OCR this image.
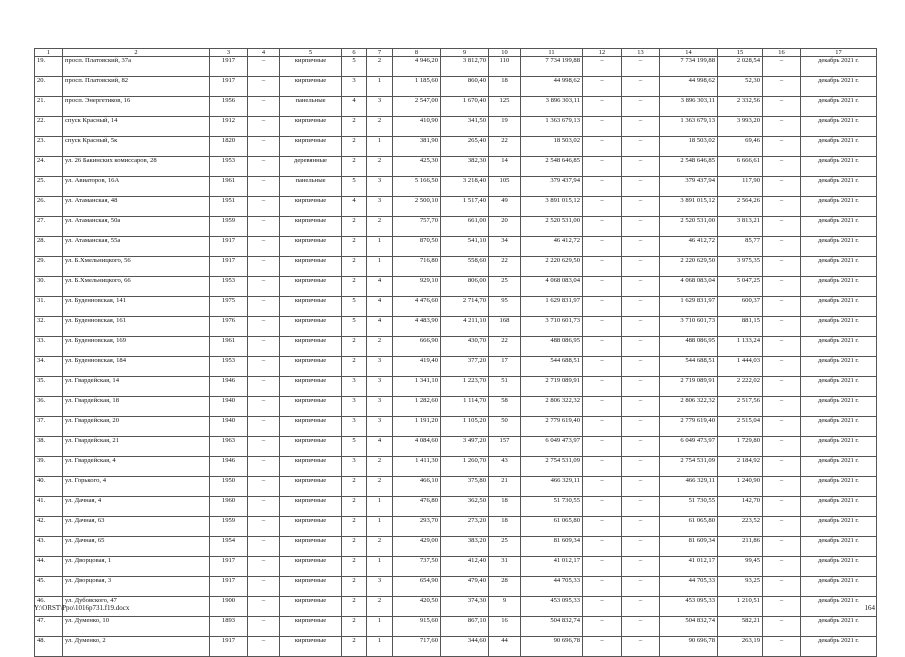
1	2	3	4	5	6	7	8	9	10	11	12	13	14	15	16	17
19.	просп. Платовский, 37а	1917	–	кирпичные	5	2	4 946,20	3 812,70	110	7 734 199,88	–	–	7 734 199,88	2 028,54	–	декабрь 2021 г.
20.	просп. Платовский, 82	1917	–	кирпичные	3	1	1 185,60	860,40	18	44 998,62	–	–	44 998,62	52,30	–	декабрь 2021 г.
21.	просп. Энергетиков, 16	1956	–	панельные	4	3	2 547,00	1 670,40	125	3 896 303,11	–	–	3 896 303,11	2 332,56	–	декабрь 2021 г.
22.	спуск Красный, 14	1912	–	кирпичные	2	2	410,90	341,50	19	1 363 679,13	–	–	1 363 679,13	3 993,20	–	декабрь 2021 г.
23.	спуск Красный, 5к	1820	–	кирпичные	2	1	381,90	265,40	22	18 503,02	–	–	18 503,02	69,46	–	декабрь 2021 г.
24.	ул. 26 Бакинских комиссаров, 28	1953	–	деревянные	2	2	425,30	382,30	14	2 548 646,85	–	–	2 548 646,85	6 666,61	–	декабрь 2021 г.
25.	ул. Авиаторов, 16А	1961	–	панельные	5	3	5 166,50	3 218,40	105	379 437,94	–	–	379 437,94	117,90	–	декабрь 2021 г.
26.	ул. Атаманская, 48	1951	–	кирпичные	4	3	2 500,10	1 517,40	49	3 891 015,12	–	–	3 891 015,12	2 564,26	–	декабрь 2021 г.
27.	ул. Атаманская, 50а	1959	–	кирпичные	2	2	757,70	661,00	20	2 520 531,00	–	–	2 520 531,00	3 813,21	–	декабрь 2021 г.
28.	ул. Атаманская, 55а	1917	–	кирпичные	2	1	870,50	541,10	34	46 412,72	–	–	46 412,72	85,77	–	декабрь 2021 г.
29.	ул. Б.Хмельницкого, 56	1917	–	кирпичные	2	1	716,80	558,60	22	2 220 629,50	–	–	2 220 629,50	3 975,35	–	декабрь 2021 г.
30.	ул. Б.Хмельницкого, 66	1953	–	кирпичные	2	4	929,10	806,00	25	4 068 083,04	–	–	4 068 083,04	5 047,25	–	декабрь 2021 г.
31.	ул. Буденновская, 141	1975	–	кирпичные	5	4	4 476,60	2 714,70	95	1 629 831,97	–	–	1 629 831,97	600,37	–	декабрь 2021 г.
32.	ул. Буденновская, 161	1976	–	кирпичные	5	4	4 483,90	4 211,10	168	3 710 601,73	–	–	3 710 601,73	881,15	–	декабрь 2021 г.
33.	ул. Буденновская, 169	1961	–	кирпичные	2	2	666,90	430,70	22	488 086,95	–	–	488 086,95	1 133,24	–	декабрь 2021 г.
34.	ул. Буденновская, 184	1953	–	кирпичные	2	3	419,40	377,20	17	544 688,51	–	–	544 688,51	1 444,03	–	декабрь 2021 г.
35.	ул. Гвардейская, 14	1946	–	кирпичные	3	3	1 341,10	1 223,70	51	2 719 089,91	–	–	2 719 089,91	2 222,02	–	декабрь 2021 г.
36.	ул. Гвардейская, 18	1940	–	кирпичные	3	3	1 282,60	1 114,70	58	2 806 322,32	–	–	2 806 322,32	2 517,56	–	декабрь 2021 г.
37.	ул. Гвардейская, 20	1940	–	кирпичные	3	3	1 191,20	1 105,20	50	2 779 619,40	–	–	2 779 619,40	2 515,04	–	декабрь 2021 г.
38.	ул. Гвардейская, 21	1963	–	кирпичные	5	4	4 084,60	3 497,20	157	6 049 473,97	–	–	6 049 473,97	1 729,80	–	декабрь 2021 г.
39.	ул. Гвардейская, 4	1946	–	кирпичные	3	2	1 411,30	1 260,70	43	2 754 531,09	–	–	2 754 531,09	2 184,92	–	декабрь 2021 г.
40.	ул. Горького, 4	1950	–	кирпичные	2	2	466,10	375,80	21	466 329,11	–	–	466 329,11	1 240,90	–	декабрь 2021 г.
41.	ул. Дачная, 4	1960	–	кирпичные	2	1	476,80	362,50	18	51 730,55	–	–	51 730,55	142,70	–	декабрь 2021 г.
42.	ул. Дачная, 63	1959	–	кирпичные	2	1	293,70	273,20	18	61 065,80	–	–	61 065,80	223,52	–	декабрь 2021 г.
43.	ул. Дачная, 65	1954	–	кирпичные	2	2	429,00	383,20	25	81 609,34	–	–	81 609,34	211,86	–	декабрь 2021 г.
44.	ул. Дворцовая, 1	1917	–	кирпичные	2	1	737,50	412,40	31	41 012,17	–	–	41 012,17	99,45	–	декабрь 2021 г.
45.	ул. Дворцовая, 3	1917	–	кирпичные	2	3	654,90	479,40	28	44 705,33	–	–	44 705,33	93,25	–	декабрь 2021 г.
46.	ул. Дубовского, 47	1900	–	кирпичные	2	2	420,50	374,30	9	453 095,33	–	–	453 095,33	1 210,51	–	декабрь 2021 г.
47.	ул. Думенко, 10	1893	–	кирпичные	2	1	915,60	867,10	16	504 832,74	–	–	504 832,74	582,21	–	декабрь 2021 г.
48.	ул. Думенко, 2	1917	–	кирпичные	2	1	717,60	344,60	44	90 696,78	–	–	90 696,78	263,19	–	декабрь 2021 г.
Y:\ORST\Ppo\1016p731.f19.docx	164
